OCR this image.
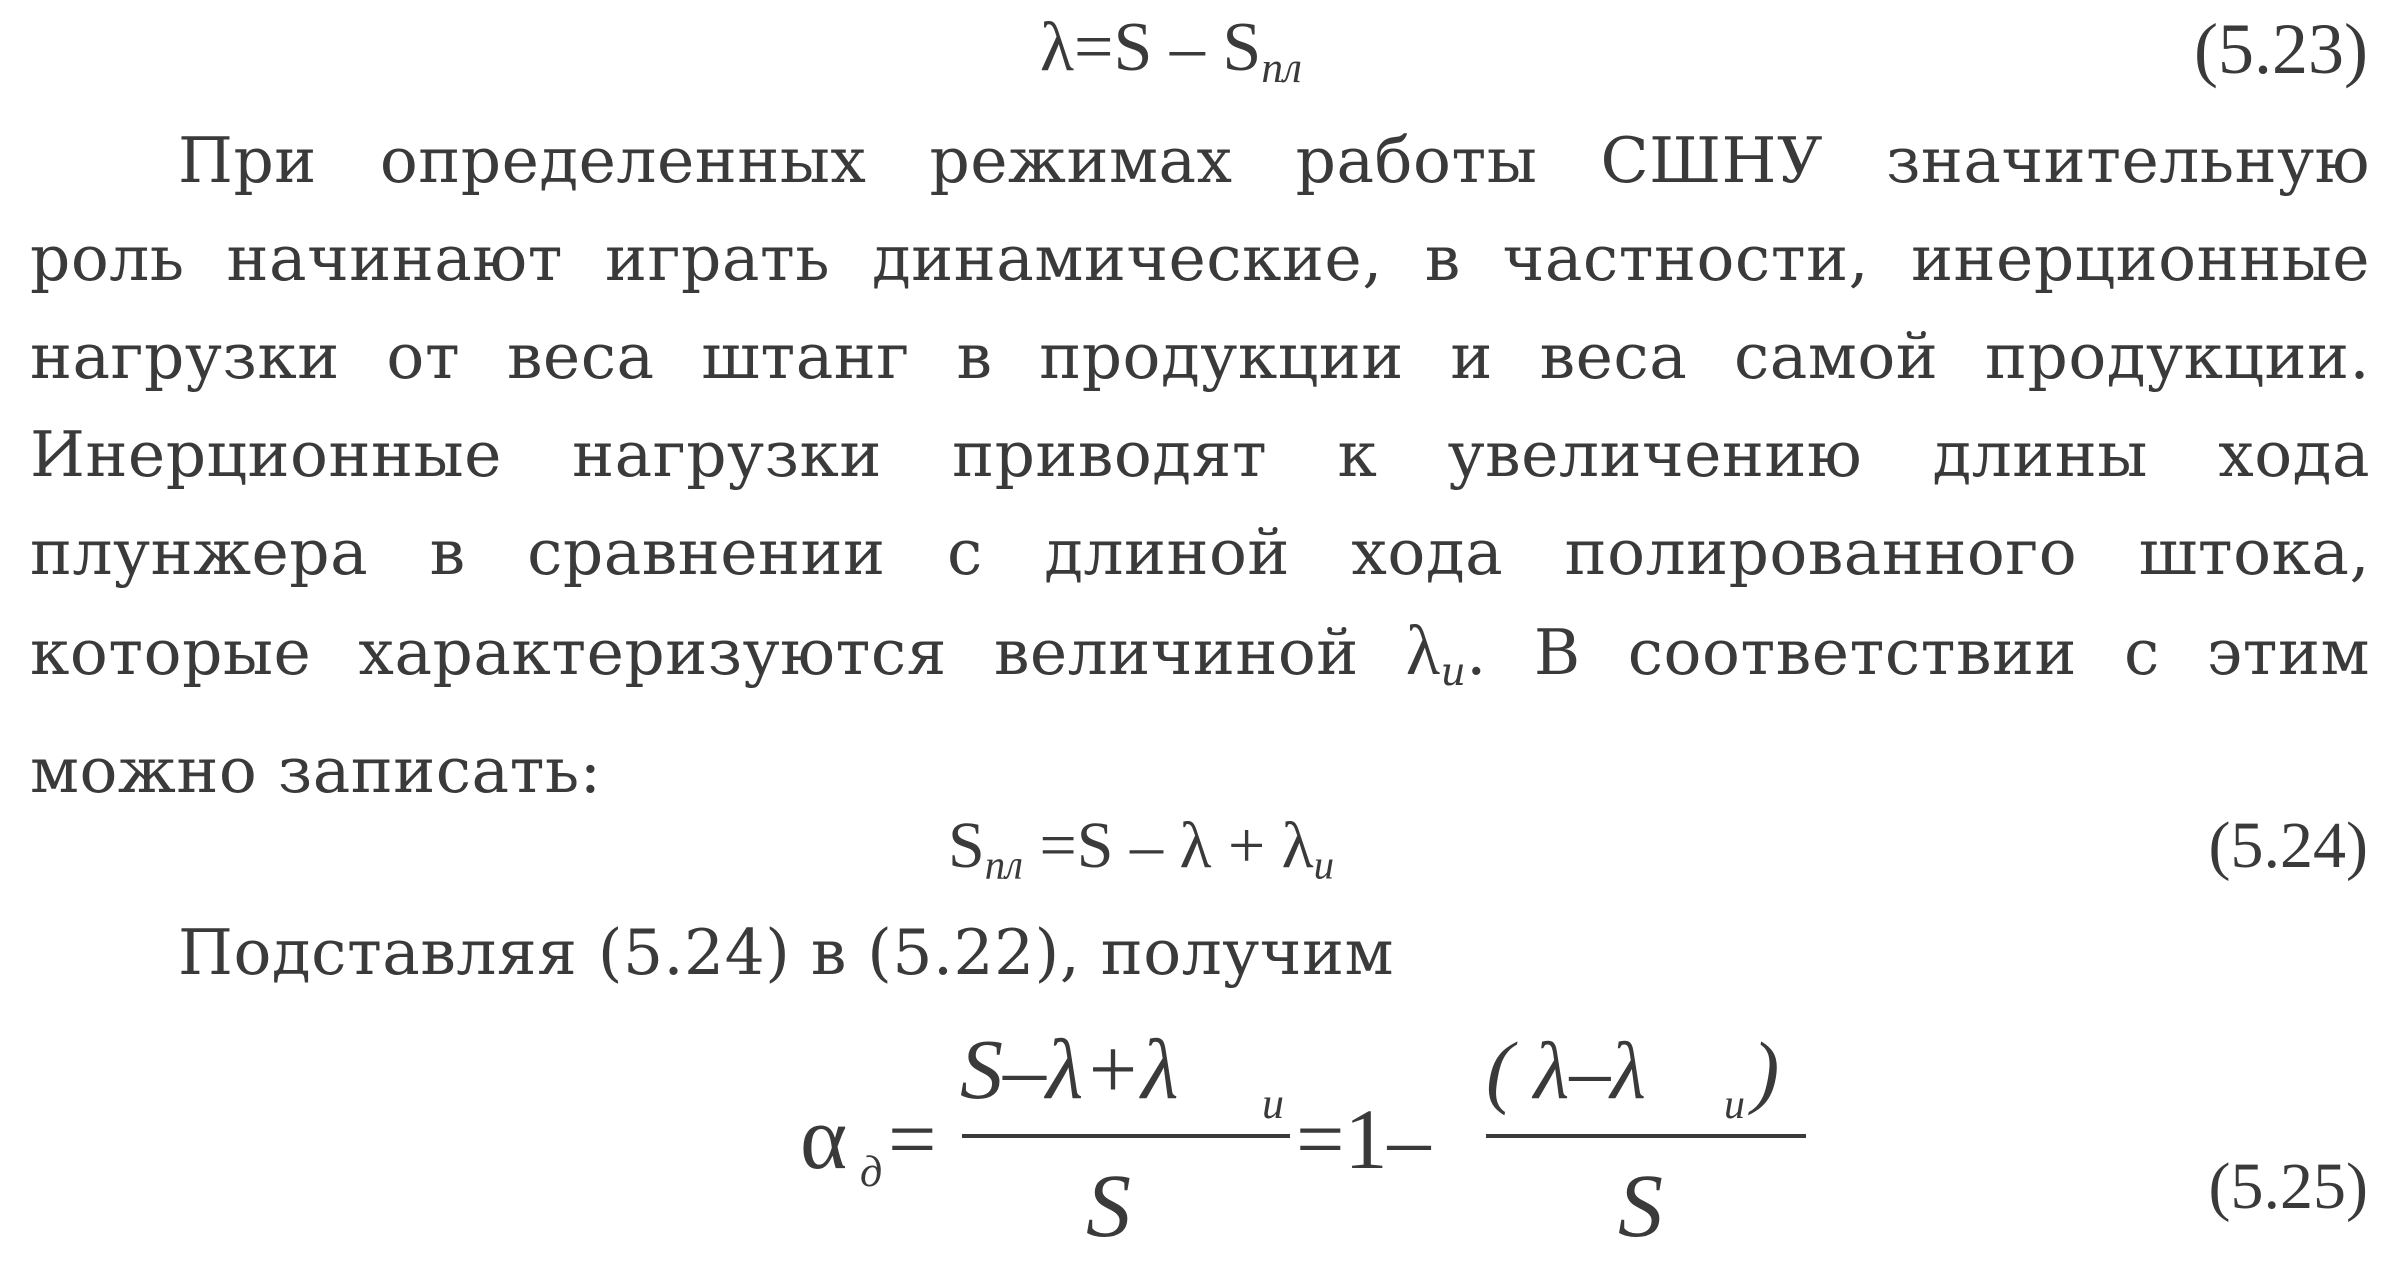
$\lambda=S - S_{пл}$	(5.23)
При определенных режимах работы СШНУ значительную
роль начинают играть динамические, в частности, инерционные
нагрузки от веса штанг в продукции и веса самой продукции.
Инерционные нагрузки приводят к увеличению длины хода
плунжера в сравнении с длиной хода полированного штока,
которые характеризуются величиной $\lambda_и$. В соответствии с этим
можно записать:
$S_{пл} =S - \lambda + \lambda_и$	(5.24)
Подставляя (5.24) в (5.22), получим
α д =
S–λ+λ и
S
=1–
( λ–λ и )
S	(5.25)
